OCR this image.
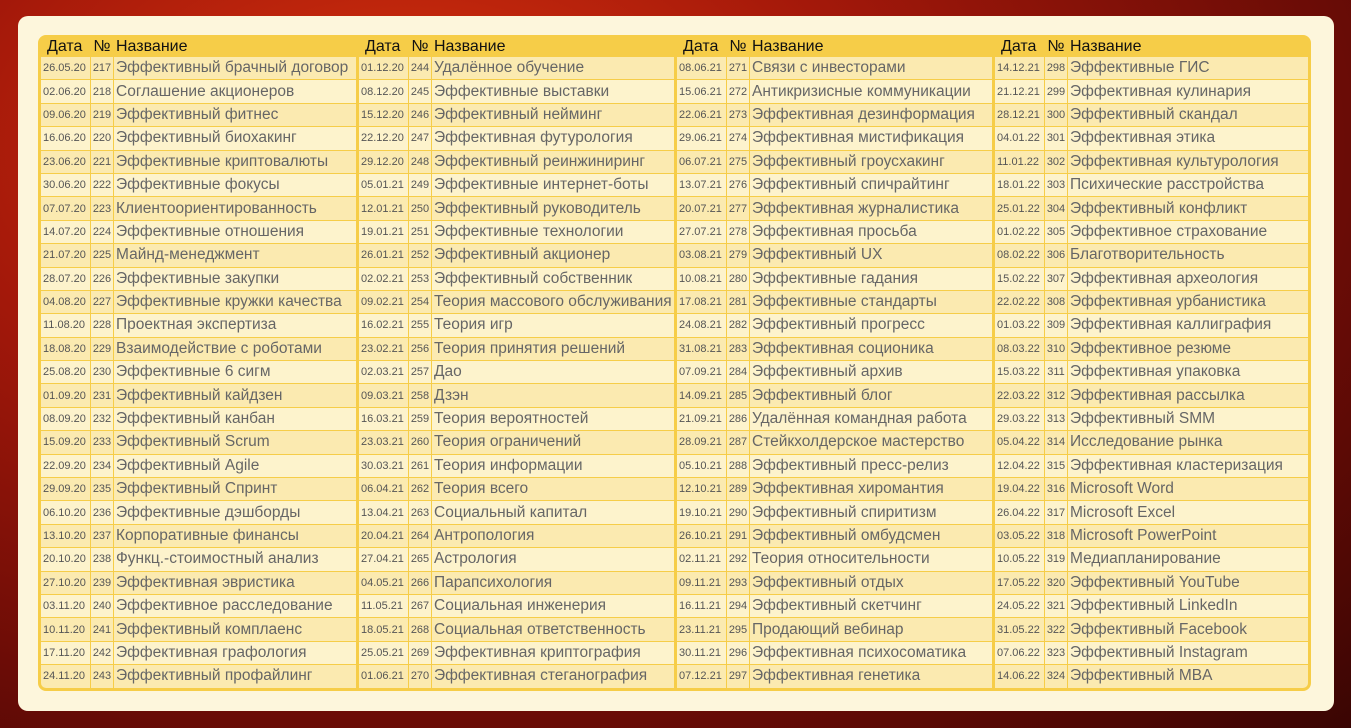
Дата № Название
26.05.20 217 Эффективный брачный договор
02.06.20 218 Соглашение акционеров
09.06.20 219 Эффективный фитнес
16.06.20 220 Эффективный биохакинг
23.06.20 221 Эффективные криптовалюты
30.06.20 222 Эффективные фокусы
07.07.20 223 Клиентоориентированность
14.07.20 224 Эффективные отношения
21.07.20 225 Майнд-менеджмент
28.07.20 226 Эффективные закупки
04.08.20 227 Эффективные кружки качества
11.08.20 228 Проектная экспертиза
18.08.20 229 Взаимодействие с роботами
25.08.20 230 Эффективные 6 сигм
01.09.20 231 Эффективный кайдзен
08.09.20 232 Эффективный канбан
15.09.20 233 Эффективный Scrum
22.09.20 234 Эффективный Agile
29.09.20 235 Эффективный Спринт
06.10.20 236 Эффективные дэшборды
13.10.20 237 Корпоративные финансы
20.10.20 238 Функц.-стоимостный анализ
27.10.20 239 Эффективная эвристика
03.11.20 240 Эффективное расследование
10.11.20 241 Эффективный комплаенс
17.11.20 242 Эффективная графология
24.11.20 243 Эффективный профайлинг
Дата № Название
01.12.20 244 Удалённое обучение
08.12.20 245 Эффективные выставки
15.12.20 246 Эффективный нейминг
22.12.20 247 Эффективная футурология
29.12.20 248 Эффективный реинжиниринг
05.01.21 249 Эффективные интернет-боты
12.01.21 250 Эффективный руководитель
19.01.21 251 Эффективные технологии
26.01.21 252 Эффективный акционер
02.02.21 253 Эффективный собственник
09.02.21 254 Теория массового обслуживания
16.02.21 255 Теория игр
23.02.21 256 Теория принятия решений
02.03.21 257 Дао
09.03.21 258 Дзэн
16.03.21 259 Теория вероятностей
23.03.21 260 Теория ограничений
30.03.21 261 Теория информации
06.04.21 262 Теория всего
13.04.21 263 Социальный капитал
20.04.21 264 Антропология
27.04.21 265 Астрология
04.05.21 266 Парапсихология
11.05.21 267 Социальная инженерия
18.05.21 268 Социальная ответственность
25.05.21 269 Эффективная криптография
01.06.21 270 Эффективная стеганография
Дата № Название
08.06.21 271 Связи с инвесторами
15.06.21 272 Антикризисные коммуникации
22.06.21 273 Эффективная дезинформация
29.06.21 274 Эффективная мистификация
06.07.21 275 Эффективный гроусхакинг
13.07.21 276 Эффективный спичрайтинг
20.07.21 277 Эффективная журналистика
27.07.21 278 Эффективная просьба
03.08.21 279 Эффективный UX
10.08.21 280 Эффективные гадания
17.08.21 281 Эффективные стандарты
24.08.21 282 Эффективный прогресс
31.08.21 283 Эффективная соционика
07.09.21 284 Эффективный архив
14.09.21 285 Эффективный блог
21.09.21 286 Удалённая командная работа
28.09.21 287 Стейкхолдерское мастерство
05.10.21 288 Эффективный пресс-релиз
12.10.21 289 Эффективная хиромантия
19.10.21 290 Эффективный спиритизм
26.10.21 291 Эффективный омбудсмен
02.11.21 292 Теория относительности
09.11.21 293 Эффективный отдых
16.11.21 294 Эффективный скетчинг
23.11.21 295 Продающий вебинар
30.11.21 296 Эффективная психосоматика
07.12.21 297 Эффективная генетика
Дата № Название
14.12.21 298 Эффективные ГИС
21.12.21 299 Эффективная кулинария
28.12.21 300 Эффективный скандал
04.01.22 301 Эффективная этика
11.01.22 302 Эффективная культурология
18.01.22 303 Психические расстройства
25.01.22 304 Эффективный конфликт
01.02.22 305 Эффективное страхование
08.02.22 306 Благотворительность
15.02.22 307 Эффективная археология
22.02.22 308 Эффективная урбанистика
01.03.22 309 Эффективная каллиграфия
08.03.22 310 Эффективное резюме
15.03.22 311 Эффективная упаковка
22.03.22 312 Эффективная рассылка
29.03.22 313 Эффективный SMM
05.04.22 314 Исследование рынка
12.04.22 315 Эффективная кластеризация
19.04.22 316 Microsoft Word
26.04.22 317 Microsoft Excel
03.05.22 318 Microsoft PowerPoint
10.05.22 319 Медиапланирование
17.05.22 320 Эффективный YouTube
24.05.22 321 Эффективный LinkedIn
31.05.22 322 Эффективный Facebook
07.06.22 323 Эффективный Instagram
14.06.22 324 Эффективный MBA
